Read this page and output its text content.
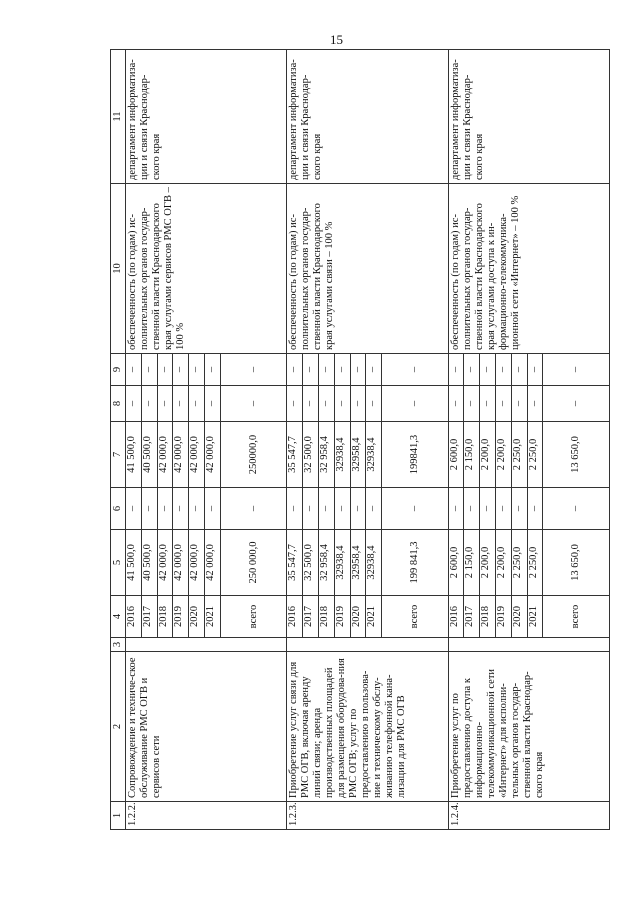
15
1	2	3	4	5	6	7	8	9	10	11
1.2.2.	Сопровождение и техниче-ское обслуживание РМС ОГВ и сервисов сети		2016	41 500,0	–	41 500,0	–	–	обеспеченность (по годам) ис-полнительных органов государ-ственной власти Краснодарского края услугами сервисов РМС ОГВ – 100 %	департамент информатиза-ции и связи Краснодар-ского края
			2017	40 500,0	–	40 500,0	–	–		
			2018	42 000,0	–	42 000,0	–	–		
			2019	42 000,0	–	42 000,0	–	–		
			2020	42 000,0	–	42 000,0	–	–		
			2021	42 000,0	–	42 000,0	–	–		
			всего	250 000,0	–	250000,0	–	–		
1.2.3.	Приобретение услуг связи для РМС ОГВ, включая аренду линий связи; аренда производственных площадей для размещения оборудова-ния РМС ОГВ; услуг по предоставлению в пользова-ние и техническому обслу-живанию телефонной кана-лизации для РМС ОГВ		2016	35 547,7	–	35 547,7	–	–	обеспеченность (по годам) ис-полнительных органов государ-ственной власти Краснодарского края услугами связи – 100 %	департамент информатиза-ции и связи Краснодар-ского края
			2017	32 500,0	–	32 500,0	–	–		
			2018	32 958,4	–	32 958,4	–	–		
			2019	32938,4	–	32938,4	–	–		
			2020	32958,4	–	32958,4	–	–		
			2021	32938,4	–	32938,4	–	–		
			всего	199 841,3	–	199841,3	–	–		
1.2.4.	Приобретение услуг по предоставлению доступа к информационно-телекоммуникационной сети «Интернет» для исполни-тельных органов государ-ственной власти Краснодар-ского края		2016	2 600,0	–	2 600,0	–	–	обеспеченность (по годам) ис-полнительных органов государ-ственной власти Краснодарского края услугами доступа к ин-формационно-телекоммуника-ционной сети «Интернет» – 100 %	департамент информатиза-ции и связи Краснодар-ского края
			2017	2 150,0	–	2 150,0	–	–		
			2018	2 200,0	–	2 200,0	–	–		
			2019	2 200,0	–	2 200,0	–	–		
			2020	2 250,0	–	2 250,0	–	–		
			2021	2 250,0	–	2 250,0	–	–		
			всего	13 650,0	–	13 650,0	–	–		
